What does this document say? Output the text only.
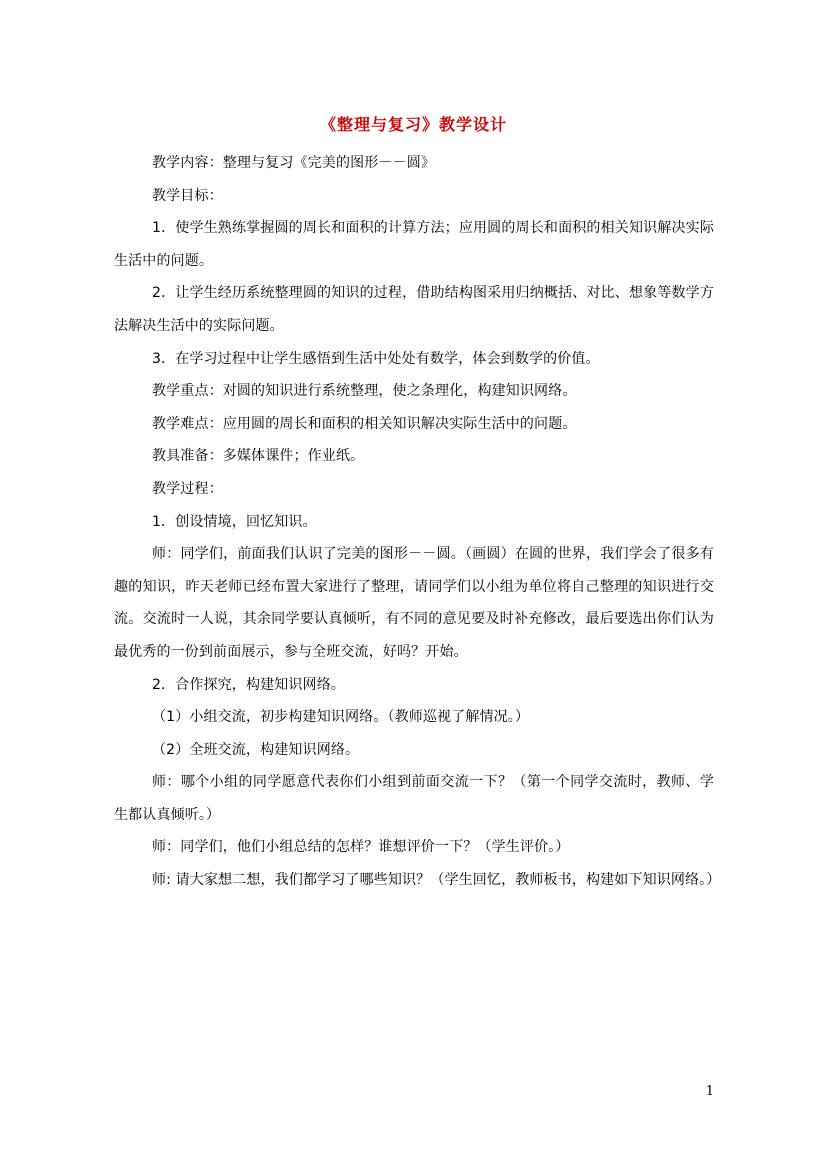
《整理与复习》教学设计

教学内容：整理与复习《完美的图形－－圆》

教学目标：

1．使学生熟练掌握圆的周长和面积的计算方法；应用圆的周长和面积的相关知识解决实际生活中的问题。

2．让学生经历系统整理圆的知识的过程，借助结构图采用归纳概括、对比、想象等数学方法解决生活中的实际问题。

3．在学习过程中让学生感悟到生活中处处有数学，体会到数学的价值。

教学重点：对圆的知识进行系统整理，使之条理化，构建知识网络。

教学难点：应用圆的周长和面积的相关知识解决实际生活中的问题。

教具准备：多媒体课件；作业纸。

教学过程：

1．创设情境，回忆知识。

师：同学们，前面我们认识了完美的图形－－圆。（画圆）在圆的世界，我们学会了很多有趣的知识，昨天老师已经布置大家进行了整理，请同学们以小组为单位将自己整理的知识进行交流。交流时一人说，其余同学要认真倾听，有不同的意见要及时补充修改，最后要选出你们认为最优秀的一份到前面展示，参与全班交流，好吗？开始。

2．合作探究，构建知识网络。

（1）小组交流，初步构建知识网络。（教师巡视了解情况。）

（2）全班交流，构建知识网络。

师：哪个小组的同学愿意代表你们小组到前面交流一下？（第一个同学交流时，教师、学生都认真倾听。）

师：同学们，他们小组总结的怎样？谁想评价一下？（学生评价。）

师: 请大家想二想，我们都学习了哪些知识？（学生回忆，教师板书，构建如下知识网络。）

1
